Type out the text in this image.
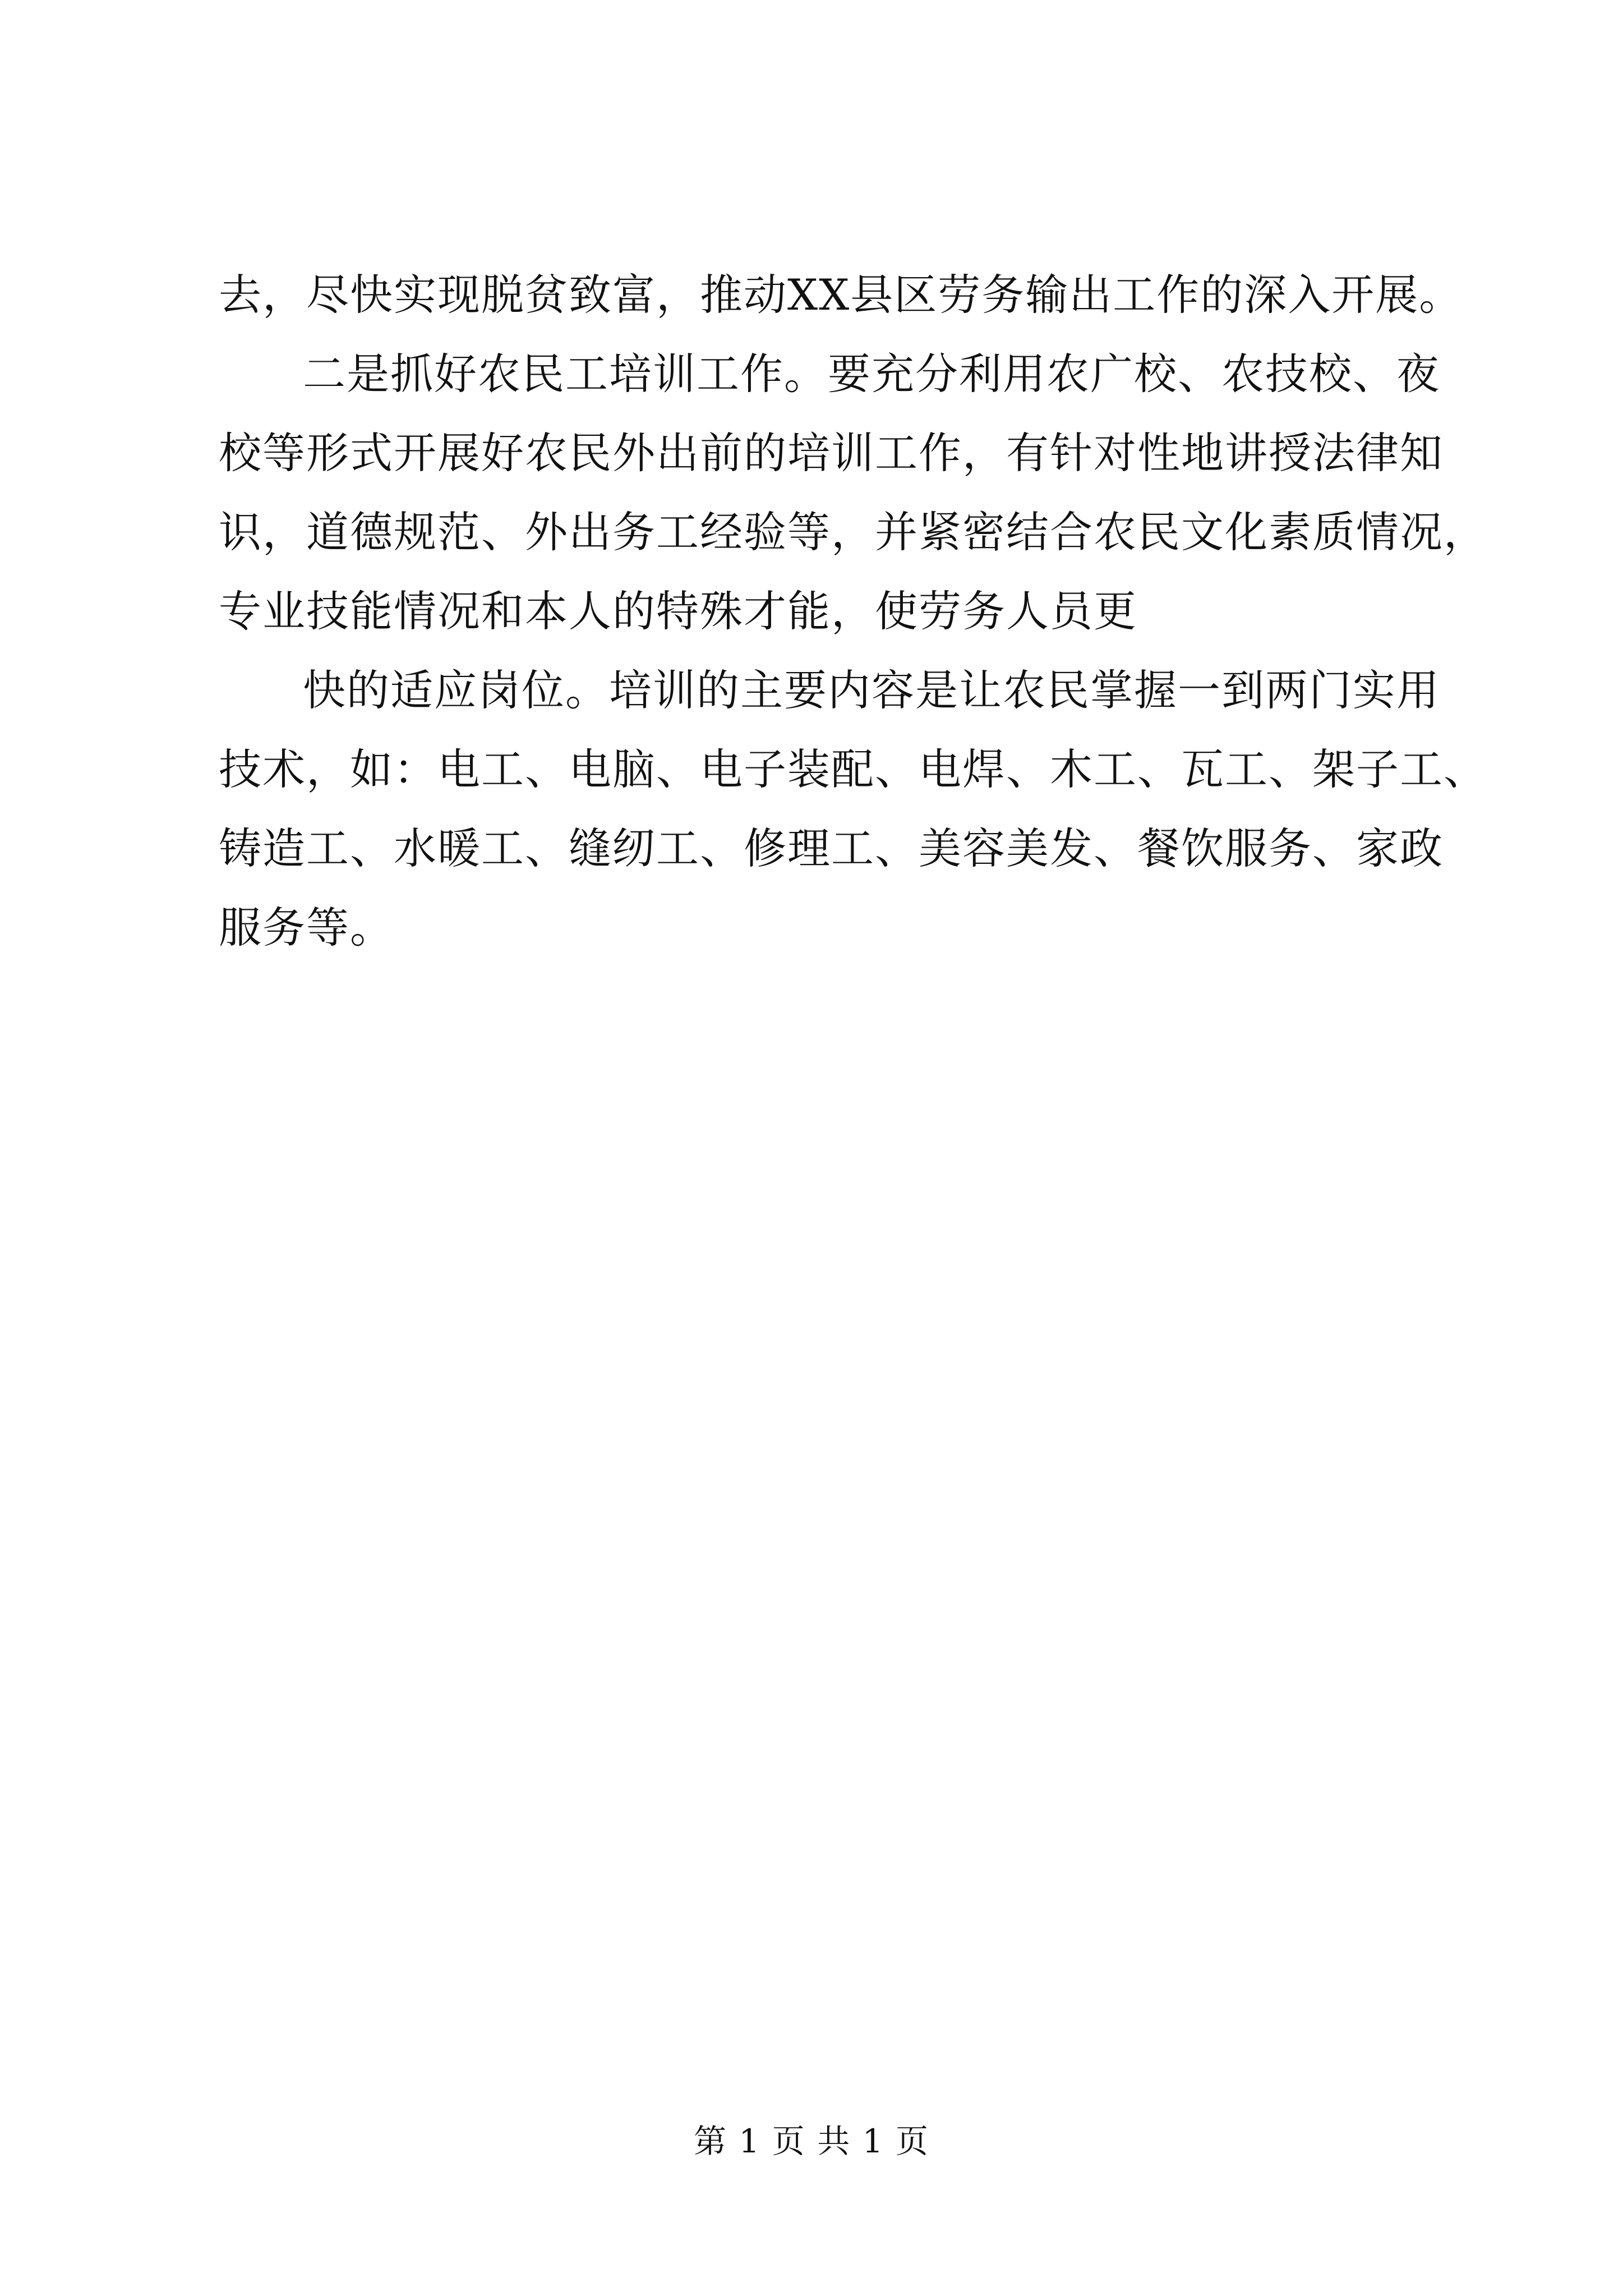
去，尽快实现脱贫致富，推动XX县区劳务输出工作的深入开展。
二是抓好农民工培训工作。要充分利用农广校、农技校、夜
校等形式开展好农民外出前的培训工作，有针对性地讲授法律知
识，道德规范、外出务工经验等，并紧密结合农民文化素质情况，
专业技能情况和本人的特殊才能，使劳务人员更
快的适应岗位。培训的主要内容是让农民掌握一到两门实用
技术，如：电工、电脑、电子装配、电焊、木工、瓦工、架子工、
铸造工、水暖工、缝纫工、修理工、美容美发、餐饮服务、家政
服务等。
第 1 页 共 1 页
